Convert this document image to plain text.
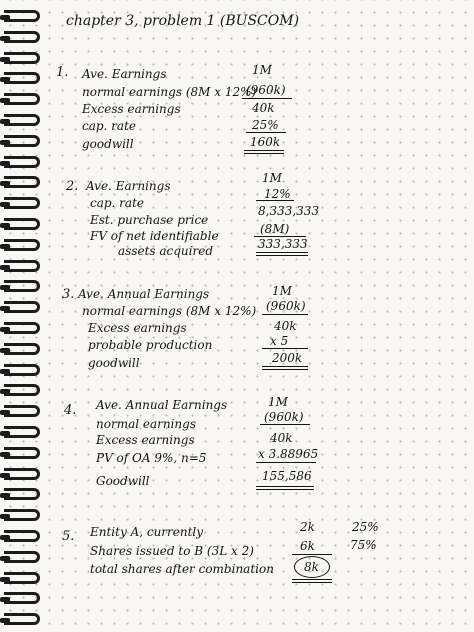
chapter 3, problem 1 (BUSCOM)
1. Ave. Earnings
normal earnings (8M x 12%)
Excess earnings
cap. rate
goodwill
1M
(960k)
40k
25%
160k
2. Ave. Earnings
cap. rate
Est. purchase price
FV of net identifiable
assets acquired
1M
12%
8,333,333
(8M)
333,333
3. Ave. Annual Earnings
normal earnings (8M x 12%)
Excess earnings
probable production
goodwill
1M
(960k)
40k
x 5
200k
4. Ave. Annual Earnings
normal earnings
Excess earnings
PV of OA 9%, n=5
Goodwill
1M
(960k)
40k
x 3.88965
155,586
5. Entity A, currently
Shares issued to B (3L x 2)
total shares after combination
2k
6k
8k
25%
75%
